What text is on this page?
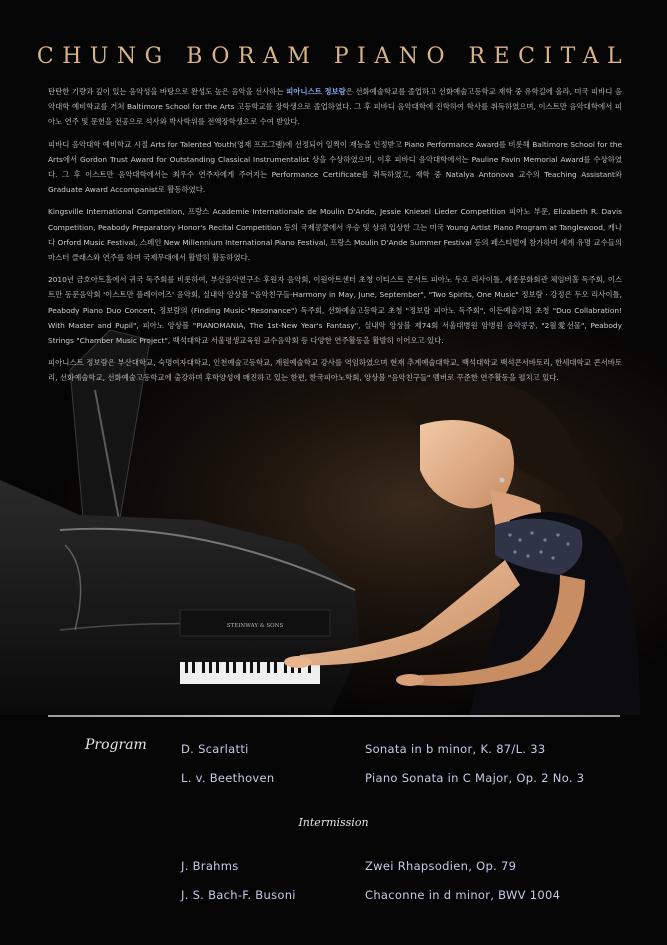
STEINWAY & SONS
CHUNG BORAM PIANO RECITAL

탄탄한 기량과 깊이 있는 음악성을 바탕으로 완성도 높은 음악을 선사하는 피아니스트 정보람은 선화예술학교를 졸업하고 선화예술고등학교 재학 중 유학길에 올라, 미국 피바디 음악대학 예비학교를 거쳐 Baltimore School for the Arts 고등학교를 장학생으로 졸업하였다. 그 후 피바디 음악대학에 진학하여 학사를 취득하였으며, 이스트만 음악대학에서 피아노 연주 및 문헌을 전공으로 석사와 박사학위를 전액장학생으로 수여 받았다.

피바디 음악대학 예비학교 시절 Arts for Talented Youth(영재 프로그램)에 선정되어 일찍이 재능을 인정받고 Piano Performance Award를 비롯해 Baltimore School for the Arts에서 Gordon Trust Award for Outstanding Classical Instrumentalist 상을 수상하였으며, 이후 피바디 음악대학에서는 Pauline Favin Memorial Award를 수상하였다. 그 후 이스트만 음악대학에서는 최우수 연주자에게 주어지는 Performance Certificate를 취득하였고, 재학 중 Natalya Antonova 교수의 Teaching Assistant와 Graduate Award Accompanist로 활동하였다.

Kingsville International Competition, 프랑스 Academie Internationale de Moulin D'Ande, Jessie Kniesel Lieder Competition 피아노 부문, Elizabeth R. Davis Competition, Peabody Preparatory Honor's Recital Competition 등의 국제콩쿨에서 우승 및 상위 입상한 그는 미국 Young Artist Piano Program at Tanglewood, 캐나다 Orford Music Festival, 스페인 New Millennium International Piano Festival, 프랑스 Moulin D'Ande Summer Festival 등의 페스티벌에 참가하며 세계 유명 교수들의 마스터 클래스와 연주를 하며 국제무대에서 활발히 활동하였다.

2010년 금호아트홀에서 귀국 독주회를 비롯하여, 부산음악연구소 후원자 음악회, 이원아트센터 초청 이티스트 콘서트 피아노 두오 리사이틀, 세종문화회관 체임버홀 독주회, 이스트만 동문음악회 '이스트만 플레이어즈' 음악회, 실내악 앙상블 "음악친구들-Harmony in May, June, September", "Two Spirits, One Music" 정보람 · 강정은 두오 리사이틀, Peabody Piano Duo Concert, 정보람의 (Finding Music-"Resonance") 독주회, 선화예술고등학교 초청 "정보람 피아노 독주회", 이든예술기획 초청 "Duo Collabration! With Master and Pupil", 피아노 앙상블 "PIANOMANIA, The 1st-New Year's Fantasy", 실내악 앙상블 제74회 서울대병원 암병원 음악콩쿵, "2월愛선물", Peabody Strings "Chamber Music Project", 백석대학교 서울평생교육원 교수음악회 등 다양한 연주활동을 활발히 이어오고 있다.

피아니스트 정보람은 부산대학교, 숙명여자대학교, 인천예술고등학교, 계원예술학교 강사를 역임하였으며 현재 추계예술대학교, 백석대학교 백석콘서바토리, 한세대학교 콘서바토리, 선화예술학교, 선화예술고등학교에 출강하며 후학양성에 매진하고 있는 한편, 한국피아노학회, 앙상블 "음악친구들" 멤버로 꾸준한 연주활동을 펼치고 있다.

Program	D. Scarlatti	Sonata in b minor, K. 87/L. 33
L. v. Beethoven	Piano Sonata in C Major, Op. 2 No. 3
Intermission
J. Brahms	Zwei Rhapsodien, Op. 79
J. S. Bach-F. Busoni	Chaconne in d minor, BWV 1004
